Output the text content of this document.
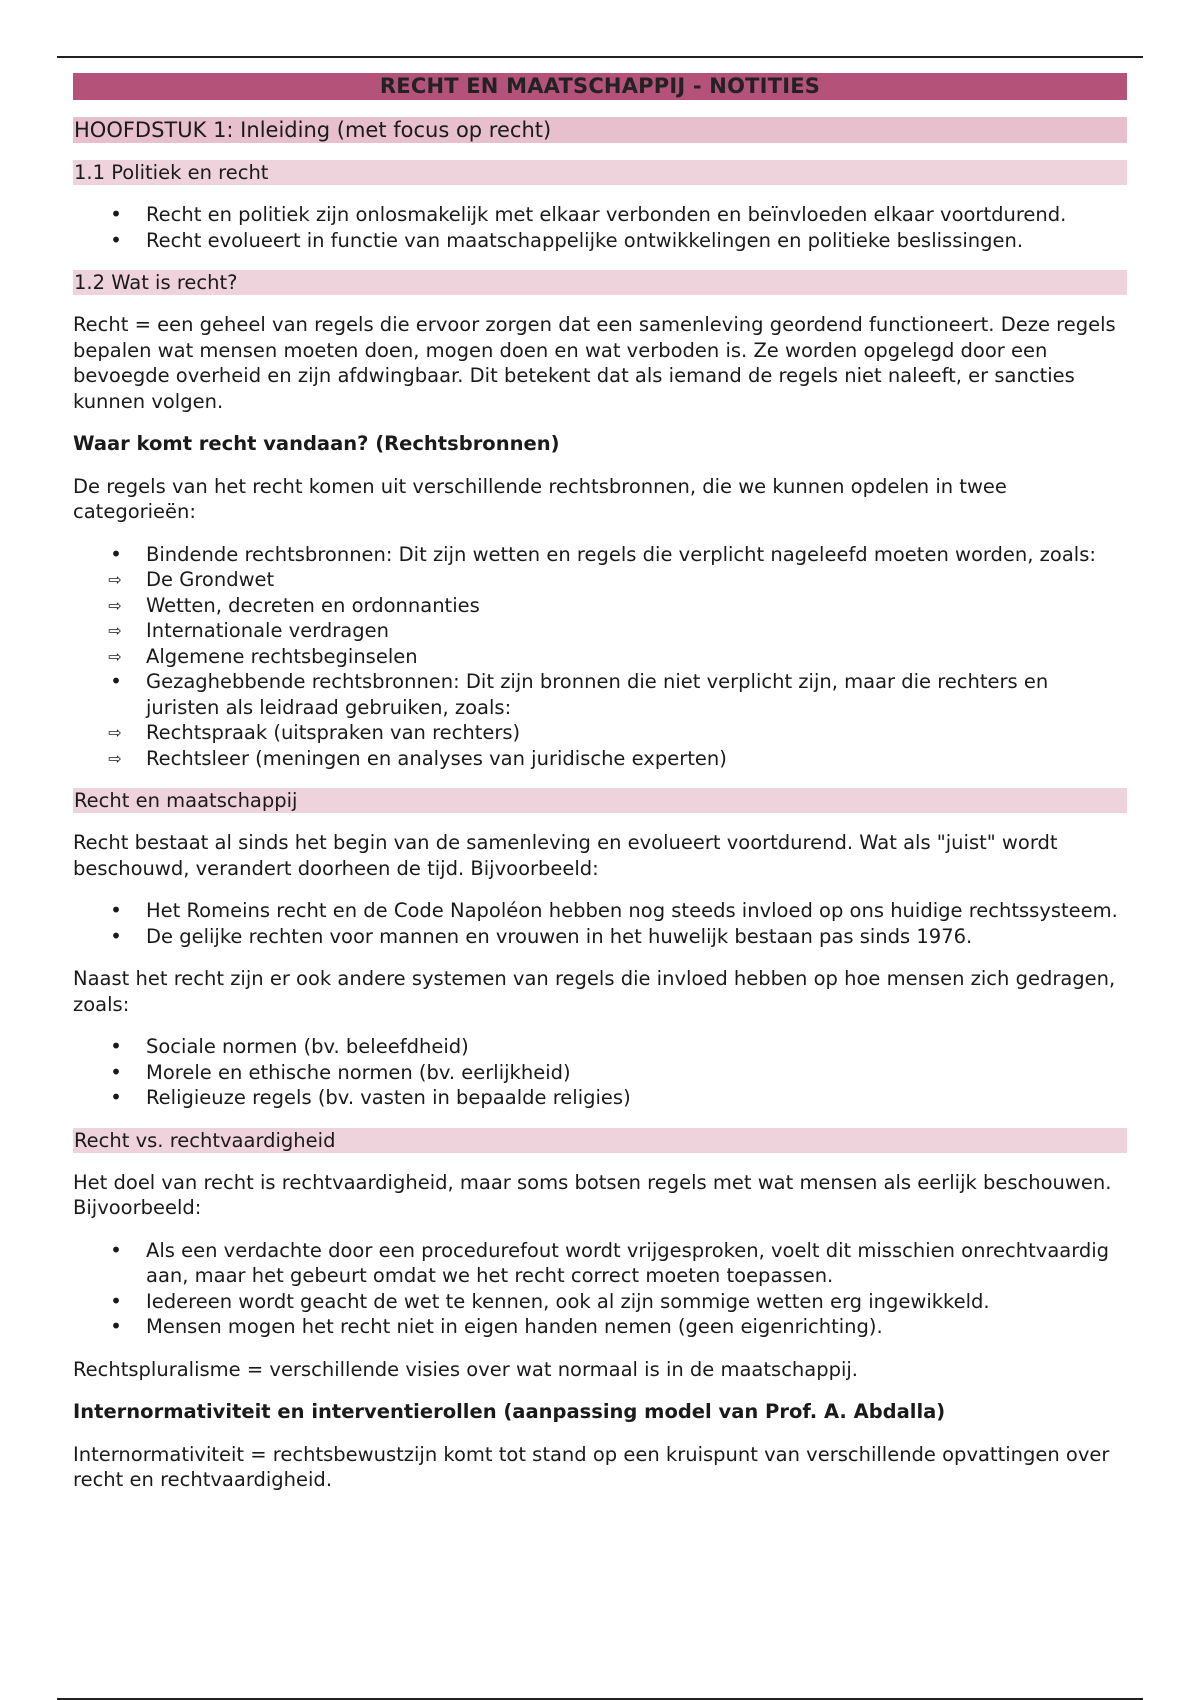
RECHT EN MAATSCHAPPIJ - NOTITIES
HOOFDSTUK 1: Inleiding (met focus op recht)
1.1 Politiek en recht
• Recht en politiek zijn onlosmakelijk met elkaar verbonden en beïnvloeden elkaar voortdurend.
• Recht evolueert in functie van maatschappelijke ontwikkelingen en politieke beslissingen.
1.2 Wat is recht?

Recht = een geheel van regels die ervoor zorgen dat een samenleving geordend functioneert. Deze regels bepalen wat mensen moeten doen, mogen doen en wat verboden is. Ze worden opgelegd door een bevoegde overheid en zijn afdwingbaar. Dit betekent dat als iemand de regels niet naleeft, er sancties kunnen volgen.

Waar komt recht vandaan? (Rechtsbronnen)

De regels van het recht komen uit verschillende rechtsbronnen, die we kunnen opdelen in twee categorieën:

• Bindende rechtsbronnen: Dit zijn wetten en regels die verplicht nageleefd moeten worden, zoals:
⇨ De Grondwet
⇨ Wetten, decreten en ordonnanties
⇨ Internationale verdragen
⇨ Algemene rechtsbeginselen
• Gezaghebbende rechtsbronnen: Dit zijn bronnen die niet verplicht zijn, maar die rechters en juristen als leidraad gebruiken, zoals:
⇨ Rechtspraak (uitspraken van rechters)
⇨ Rechtsleer (meningen en analyses van juridische experten)
Recht en maatschappij

Recht bestaat al sinds het begin van de samenleving en evolueert voortdurend. Wat als "juist" wordt beschouwd, verandert doorheen de tijd. Bijvoorbeeld:

• Het Romeins recht en de Code Napoléon hebben nog steeds invloed op ons huidige rechtssysteem.
• De gelijke rechten voor mannen en vrouwen in het huwelijk bestaan pas sinds 1976.

Naast het recht zijn er ook andere systemen van regels die invloed hebben op hoe mensen zich gedragen, zoals:

• Sociale normen (bv. beleefdheid)
• Morele en ethische normen (bv. eerlijkheid)
• Religieuze regels (bv. vasten in bepaalde religies)
Recht vs. rechtvaardigheid

Het doel van recht is rechtvaardigheid, maar soms botsen regels met wat mensen als eerlijk beschouwen. Bijvoorbeeld:

• Als een verdachte door een procedurefout wordt vrijgesproken, voelt dit misschien onrechtvaardig aan, maar het gebeurt omdat we het recht correct moeten toepassen.
• Iedereen wordt geacht de wet te kennen, ook al zijn sommige wetten erg ingewikkeld.
• Mensen mogen het recht niet in eigen handen nemen (geen eigenrichting).

Rechtspluralisme = verschillende visies over wat normaal is in de maatschappij.

Internormativiteit en interventierollen (aanpassing model van Prof. A. Abdalla)

Internormativiteit = rechtsbewustzijn komt tot stand op een kruispunt van verschillende opvattingen over recht en rechtvaardigheid.
